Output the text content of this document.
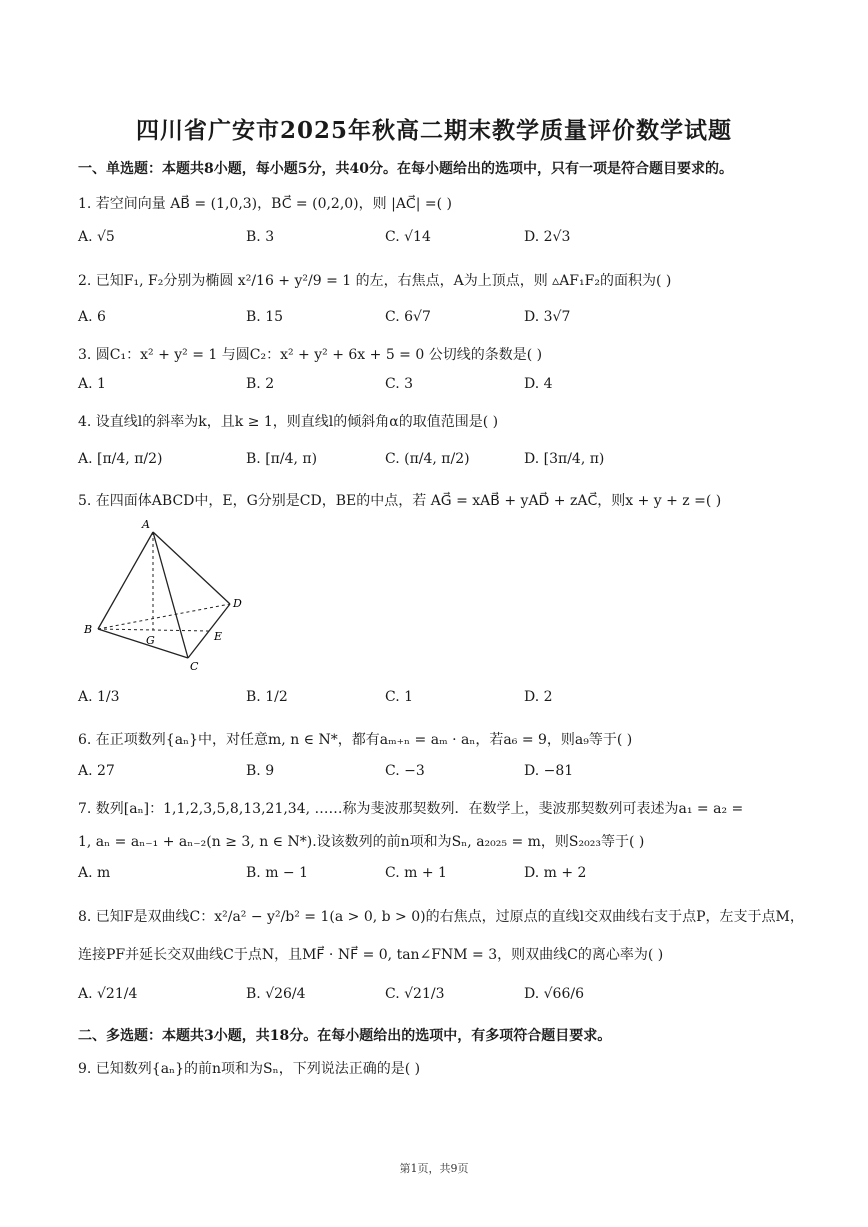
四川省广安市2025年秋高二期末教学质量评价数学试题
一、单选题：本题共8小题，每小题5分，共40分。在每小题给出的选项中，只有一项是符合题目要求的。
1. 若空间向量 AB⃗ = (1,0,3)，BC⃗ = (0,2,0)，则 |AC⃗| =( )
A. √5	B. 3	C. √14	D. 2√3
2. 已知F₁, F₂分别为椭圆 x²/16 + y²/9 = 1 的左，右焦点，A为上顶点，则 ▵AF₁F₂的面积为( )
A. 6	B. 15	C. 6√7	D. 3√7
3. 圆C₁：x² + y² = 1 与圆C₂：x² + y² + 6x + 5 = 0 公切线的条数是( )
A. 1	B. 2	C. 3	D. 4
4. 设直线l的斜率为k，且k ≥ 1，则直线l的倾斜角α的取值范围是( )
A. [π/4, π/2)	B. [π/4, π)	C. (π/4, π/2)	D. [3π/4, π)
5. 在四面体ABCD中，E，G分别是CD，BE的中点，若 AG⃗ = xAB⃗ + yAD⃗ + zAC⃗，则x + y + z =( )
A
B
C
D
E
G
A. 1/3	B. 1/2	C. 1	D. 2
6. 在正项数列{aₙ}中，对任意m, n ∈ N*，都有aₘ₊ₙ = aₘ · aₙ，若a₆ = 9，则a₉等于( )
A. 27	B. 9	C. −3	D. −81
7. 数列[aₙ]：1,1,2,3,5,8,13,21,34, ……称为斐波那契数列．在数学上，斐波那契数列可表述为a₁ = a₂ =
1, aₙ = aₙ₋₁ + aₙ₋₂(n ≥ 3, n ∈ N*).设该数列的前n项和为Sₙ, a₂₀₂₅ = m，则S₂₀₂₃等于( )
A. m	B. m − 1	C. m + 1	D. m + 2
8. 已知F是双曲线C：x²/a² − y²/b² = 1(a > 0, b > 0)的右焦点，过原点的直线l交双曲线右支于点P，左支于点M，
连接PF并延长交双曲线C于点N，且MF⃗ · NF⃗ = 0, tan∠FNM = 3，则双曲线C的离心率为( )
A. √21/4	B. √26/4	C. √21/3	D. √66/6
二、多选题：本题共3小题，共18分。在每小题给出的选项中，有多项符合题目要求。
9. 已知数列{aₙ}的前n项和为Sₙ，下列说法正确的是( )
第1页，共9页
